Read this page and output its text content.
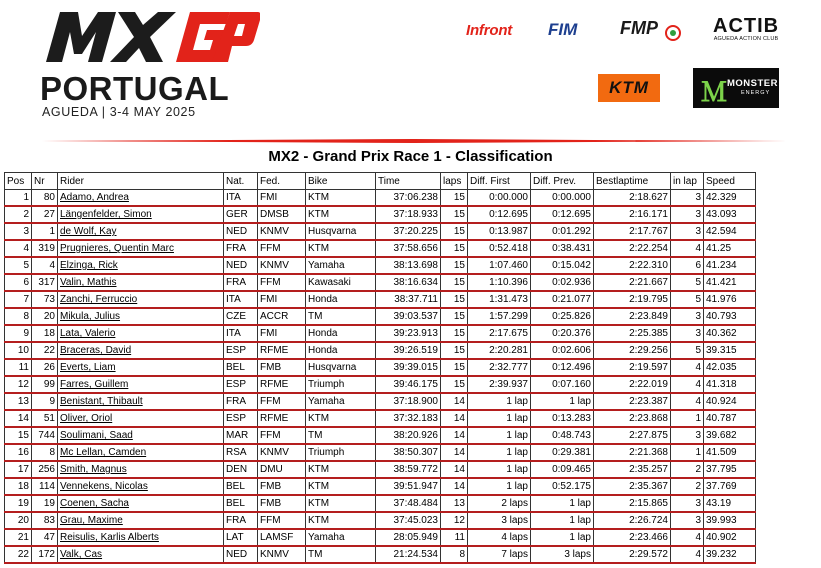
PORTUGAL
AGUEDA | 3-4 MAY 2025
Infront FIM FMP	ACTIB
AGUEDA ACTION CLUB
KTM	Ｍ MONSTER
ENERGY
MX2 - Grand Prix Race 1 - Classification
Pos	Nr	Rider	Nat.	Fed.	Bike	Time	laps	Diff. First	Diff. Prev.	Bestlaptime	in lap	Speed
1	80	Adamo, Andrea	ITA	FMI	KTM	37:06.238	15	0:00.000	0:00.000	2:18.627	3	42.329
2	27	Längenfelder, Simon	GER	DMSB	KTM	37:18.933	15	0:12.695	0:12.695	2:16.171	3	43.093
3	1	de Wolf, Kay	NED	KNMV	Husqvarna	37:20.225	15	0:13.987	0:01.292	2:17.767	3	42.594
4	319	Prugnieres, Quentin Marc	FRA	FFM	KTM	37:58.656	15	0:52.418	0:38.431	2:22.254	4	41.25
5	4	Elzinga, Rick	NED	KNMV	Yamaha	38:13.698	15	1:07.460	0:15.042	2:22.310	6	41.234
6	317	Valin, Mathis	FRA	FFM	Kawasaki	38:16.634	15	1:10.396	0:02.936	2:21.667	5	41.421
7	73	Zanchi, Ferruccio	ITA	FMI	Honda	38:37.711	15	1:31.473	0:21.077	2:19.795	5	41.976
8	20	Mikula, Julius	CZE	ACCR	TM	39:03.537	15	1:57.299	0:25.826	2:23.849	3	40.793
9	18	Lata, Valerio	ITA	FMI	Honda	39:23.913	15	2:17.675	0:20.376	2:25.385	3	40.362
10	22	Braceras, David	ESP	RFME	Honda	39:26.519	15	2:20.281	0:02.606	2:29.256	5	39.315
11	26	Everts, Liam	BEL	FMB	Husqvarna	39:39.015	15	2:32.777	0:12.496	2:19.597	4	42.035
12	99	Farres, Guillem	ESP	RFME	Triumph	39:46.175	15	2:39.937	0:07.160	2:22.019	4	41.318
13	9	Benistant, Thibault	FRA	FFM	Yamaha	37:18.900	14	1 lap	1 lap	2:23.387	4	40.924
14	51	Oliver, Oriol	ESP	RFME	KTM	37:32.183	14	1 lap	0:13.283	2:23.868	1	40.787
15	744	Soulimani, Saad	MAR	FFM	TM	38:20.926	14	1 lap	0:48.743	2:27.875	3	39.682
16	8	Mc Lellan, Camden	RSA	KNMV	Triumph	38:50.307	14	1 lap	0:29.381	2:21.368	1	41.509
17	256	Smith, Magnus	DEN	DMU	KTM	38:59.772	14	1 lap	0:09.465	2:35.257	2	37.795
18	114	Vennekens, Nicolas	BEL	FMB	KTM	39:51.947	14	1 lap	0:52.175	2:35.367	2	37.769
19	19	Coenen, Sacha	BEL	FMB	KTM	37:48.484	13	2 laps	1 lap	2:15.865	3	43.19
20	83	Grau, Maxime	FRA	FFM	KTM	37:45.023	12	3 laps	1 lap	2:26.724	3	39.993
21	47	Reisulis, Karlis Alberts	LAT	LAMSF	Yamaha	28:05.949	11	4 laps	1 lap	2:23.466	4	40.902
22	172	Valk, Cas	NED	KNMV	TM	21:24.534	8	7 laps	3 laps	2:29.572	4	39.232
